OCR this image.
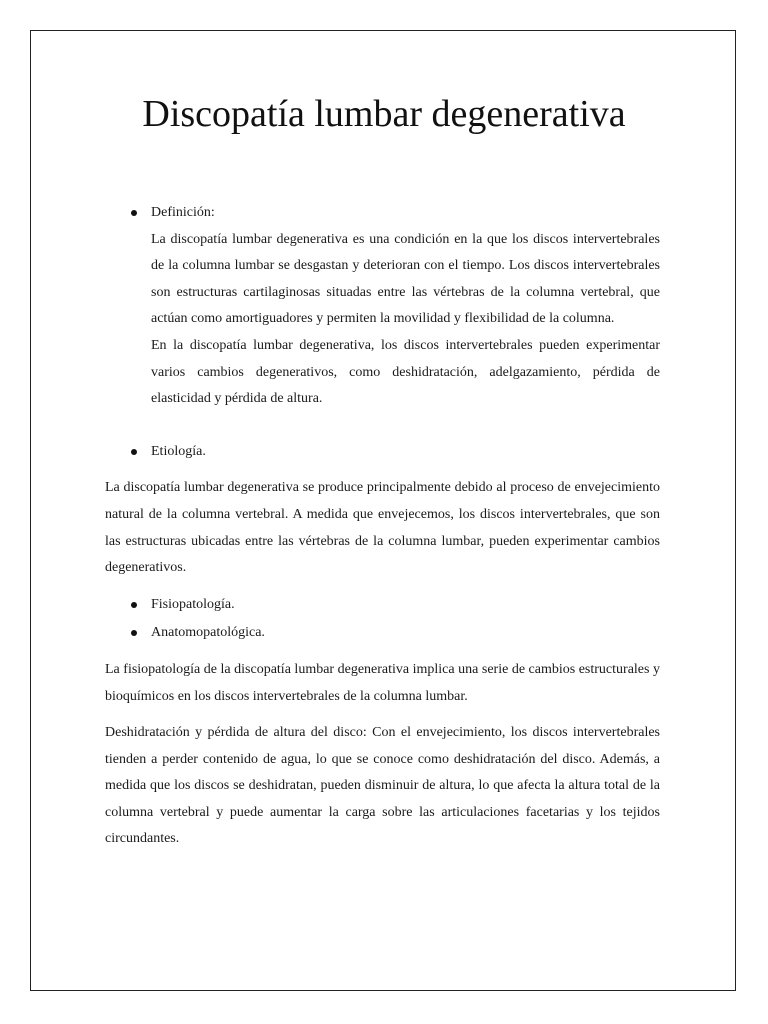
Discopatía lumbar degenerativa
Definición:

La discopatía lumbar degenerativa es una condición en la que los discos intervertebrales de la columna lumbar se desgastan y deterioran con el tiempo. Los discos intervertebrales son estructuras cartilaginosas situadas entre las vértebras de la columna vertebral, que actúan como amortiguadores y permiten la movilidad y flexibilidad de la columna.

En la discopatía lumbar degenerativa, los discos intervertebrales pueden experimentar varios cambios degenerativos, como deshidratación, adelgazamiento, pérdida de elasticidad y pérdida de altura.

Etiología.

La discopatía lumbar degenerativa se produce principalmente debido al proceso de envejecimiento natural de la columna vertebral. A medida que envejecemos, los discos intervertebrales, que son las estructuras ubicadas entre las vértebras de la columna lumbar, pueden experimentar cambios degenerativos.

Fisiopatología.
Anatomopatológica.

La fisiopatología de la discopatía lumbar degenerativa implica una serie de cambios estructurales y bioquímicos en los discos intervertebrales de la columna lumbar.

Deshidratación y pérdida de altura del disco: Con el envejecimiento, los discos intervertebrales tienden a perder contenido de agua, lo que se conoce como deshidratación del disco. Además, a medida que los discos se deshidratan, pueden disminuir de altura, lo que afecta la altura total de la columna vertebral y puede aumentar la carga sobre las articulaciones facetarias y los tejidos circundantes.
